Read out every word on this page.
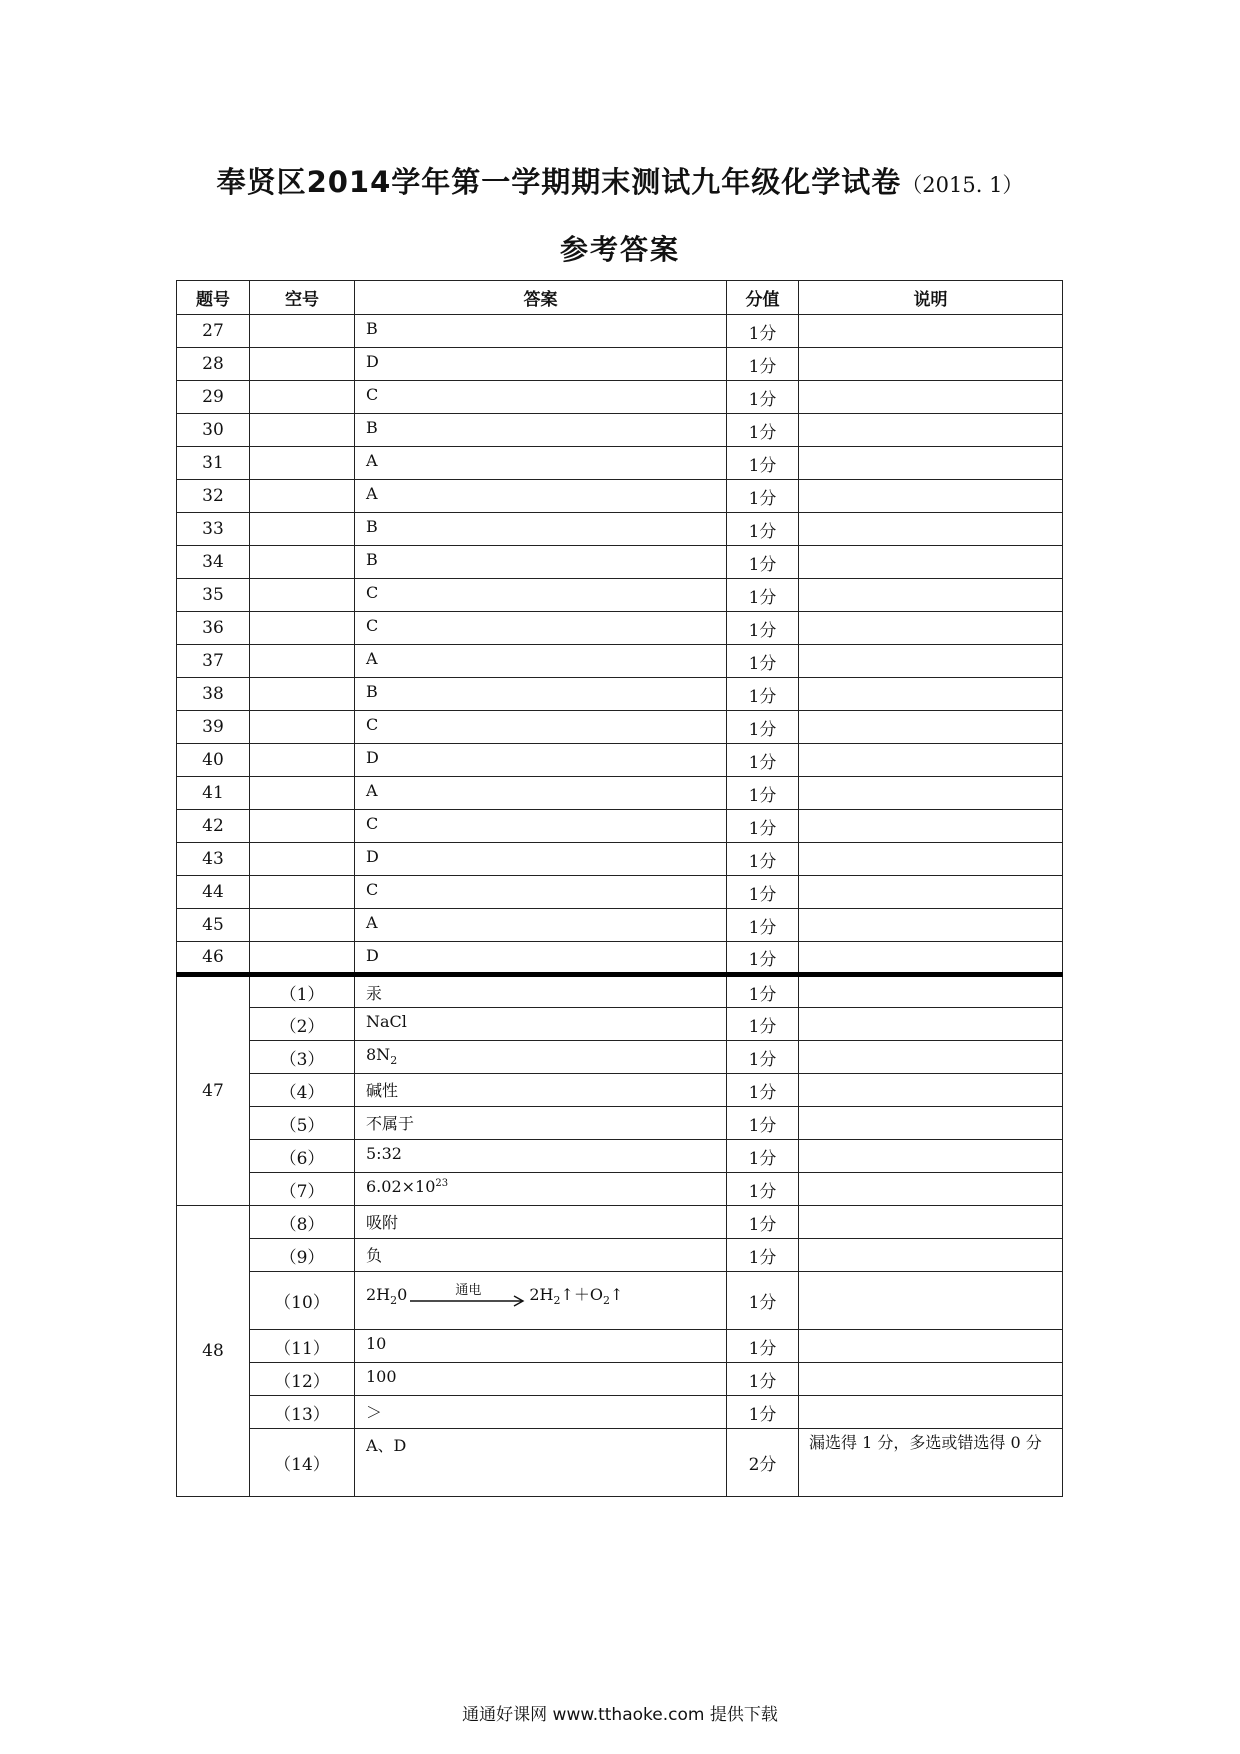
奉贤区2014学年第一学期期末测试九年级化学试卷（2015. 1）
参考答案
题号	空号	答案	分值	说明
27		B	1分	
28		D	1分	
29		C	1分	
30		B	1分	
31		A	1分	
32		A	1分	
33		B	1分	
34		B	1分	
35		C	1分	
36		C	1分	
37		A	1分	
38		B	1分	
39		C	1分	
40		D	1分	
41		A	1分	
42		C	1分	
43		D	1分	
44		C	1分	
45		A	1分	
46		D	1分	
47	（1）	汞	1分	
	（2）	NaCl	1分	
	（3）	$8N_2$	1分	
	（4）	碱性	1分	
	（5）	不属于	1分	
	（6）	5:32	1分	
	（7）	$6.02\times 10^{23}$	1分	
48	（8）	吸附	1分	
	（9）	负	1分	
	（10）	$2H_20$ 通电 $2H_2↑+O_2↑$	1分	
	（11）	10	1分	
	（12）	100	1分	
	（13）	＞	1分	
	（14）	A、D	2分	漏选得 1 分，多选或错选得 0 分
通通好课网 www.tthaoke.com 提供下载
